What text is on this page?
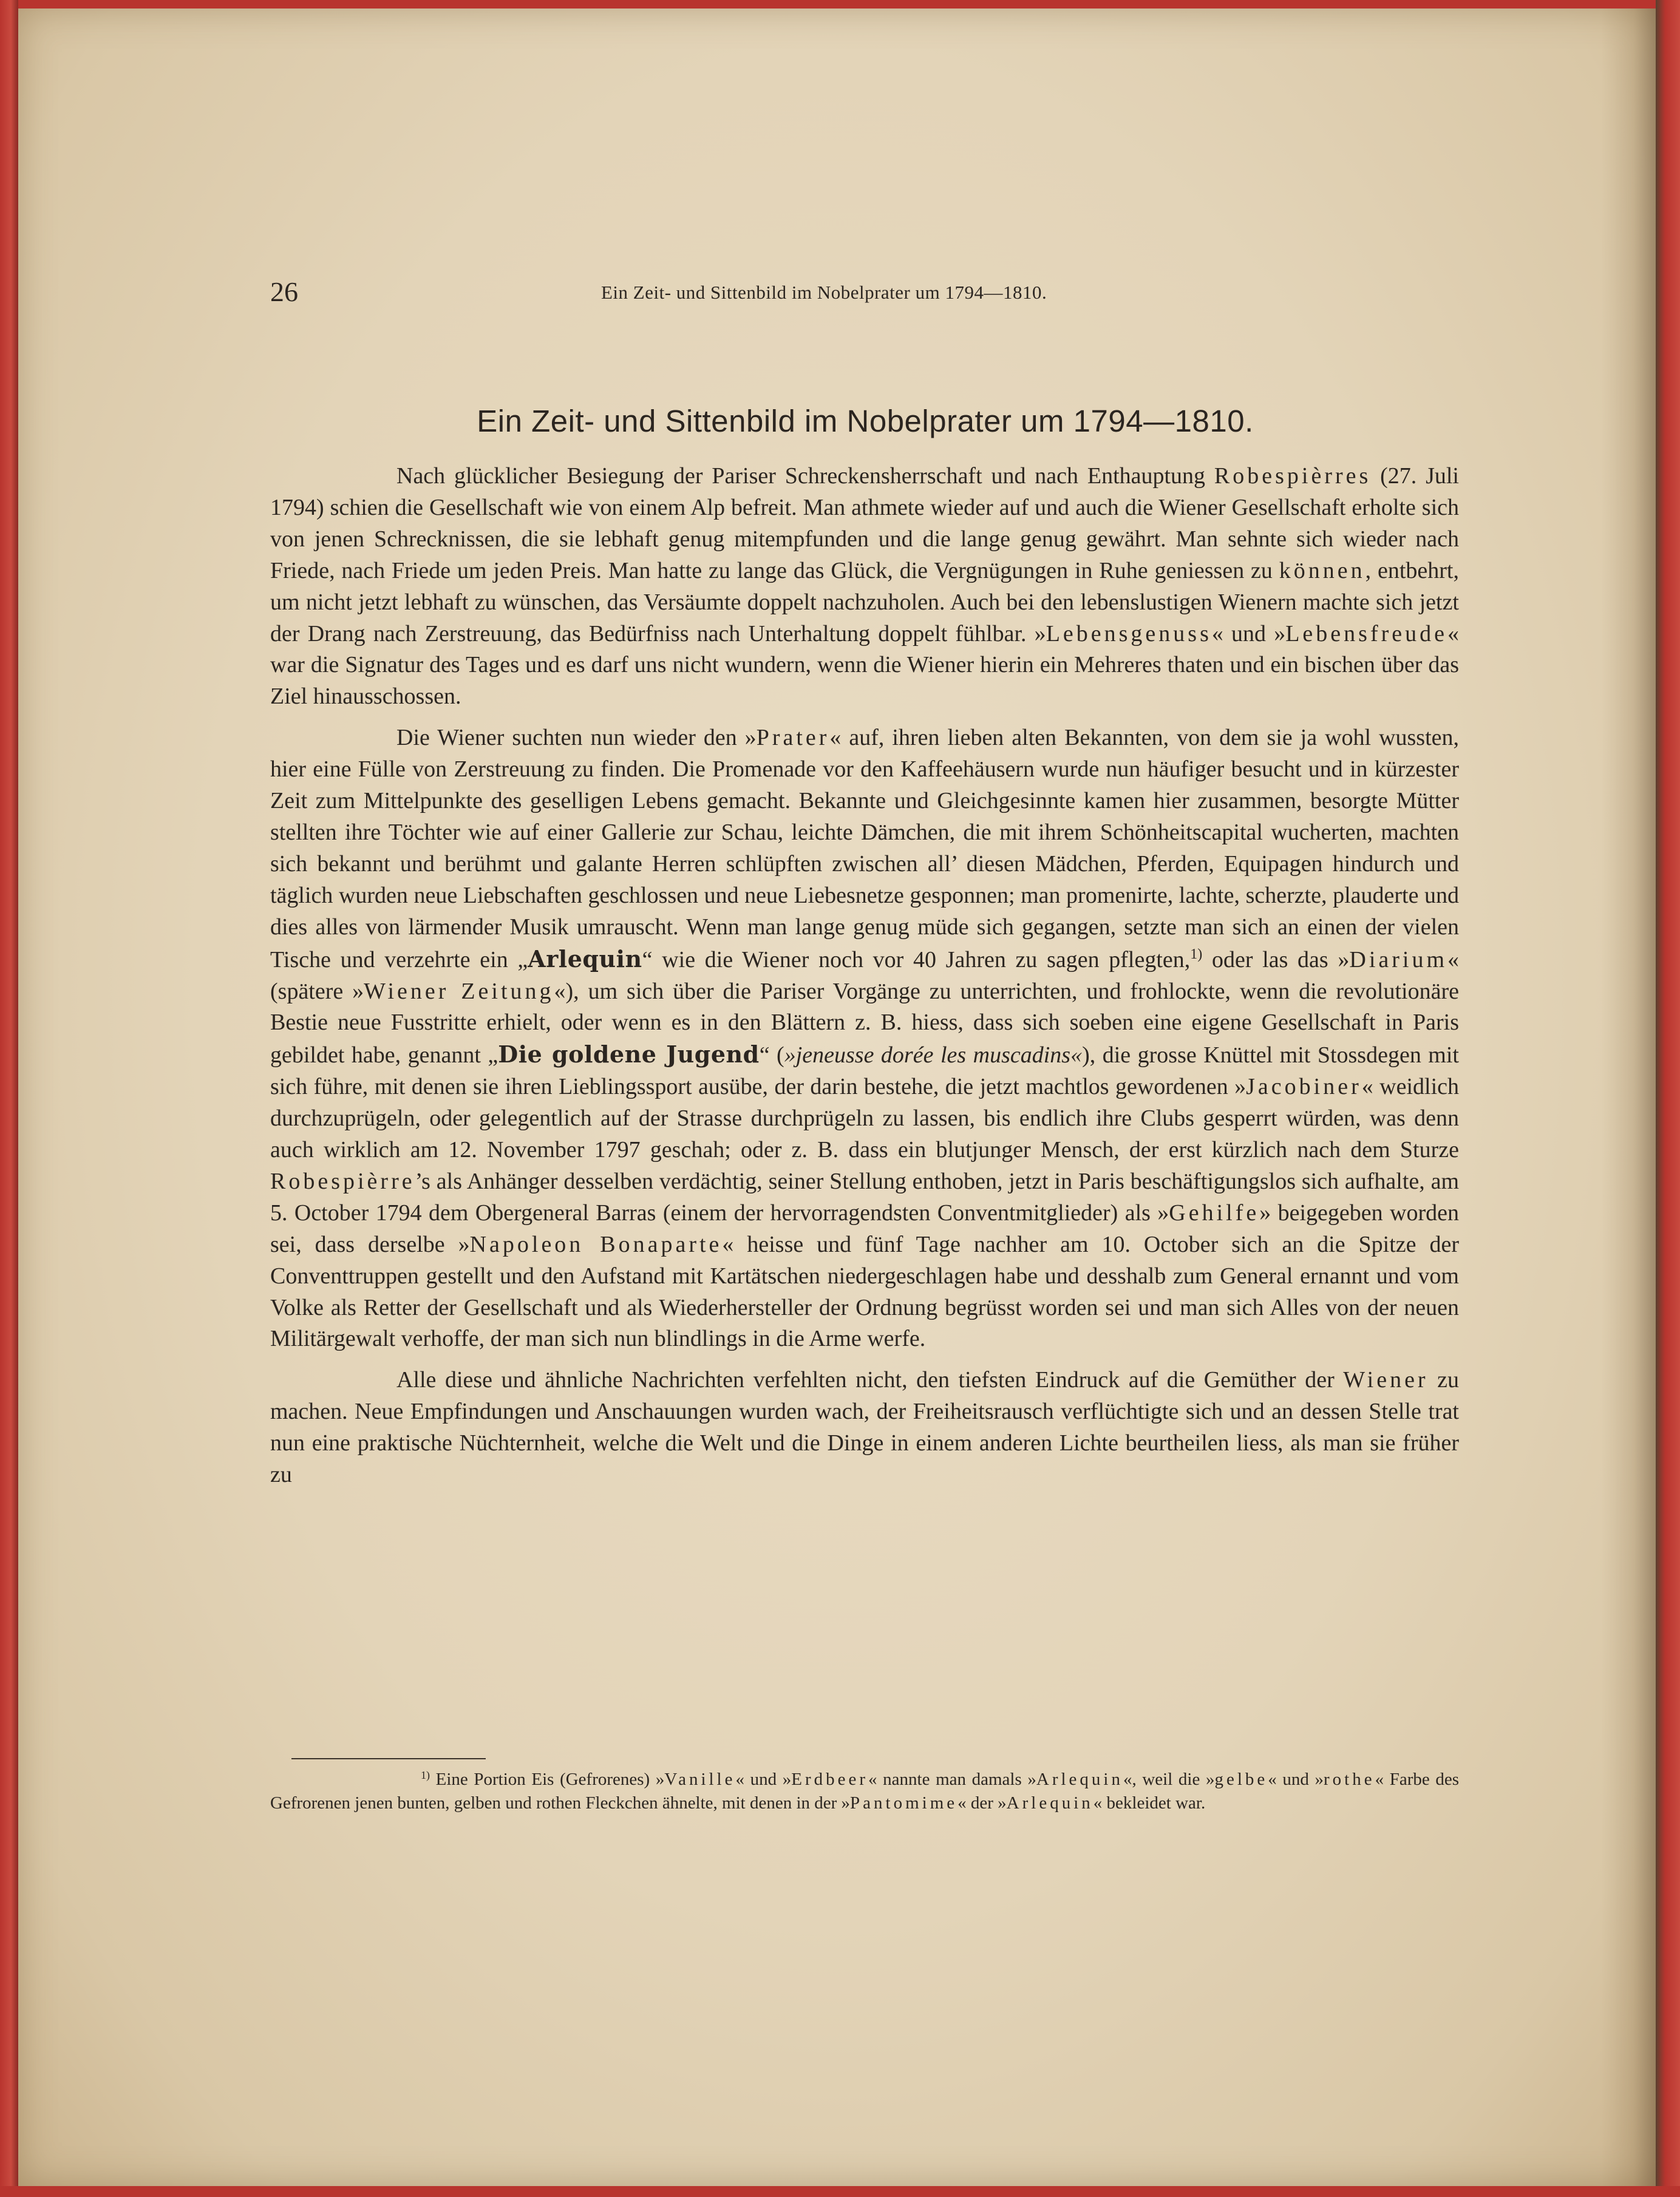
26	Ein Zeit- und Sittenbild im Nobelprater um 1794—1810.
Ein Zeit- und Sittenbild im Nobelprater um 1794—1810.

Nach glücklicher Besiegung der Pariser Schreckensherrschaft und nach Enthauptung Robespièrres (27. Juli 1794) schien die Gesellschaft wie von einem Alp befreit. Man athmete wieder auf und auch die Wiener Gesellschaft erholte sich von jenen Schrecknissen, die sie lebhaft genug mitempfunden und die lange genug gewährt. Man sehnte sich wieder nach Friede, nach Friede um jeden Preis. Man hatte zu lange das Glück, die Vergnügungen in Ruhe geniessen zu können, entbehrt, um nicht jetzt lebhaft zu wünschen, das Versäumte doppelt nachzuholen. Auch bei den lebenslustigen Wienern machte sich jetzt der Drang nach Zerstreuung, das Bedürfniss nach Unterhaltung doppelt fühlbar. »Lebensgenuss« und »Lebensfreude« war die Signatur des Tages und es darf uns nicht wundern, wenn die Wiener hierin ein Mehreres thaten und ein bischen über das Ziel hinausschossen.

Die Wiener suchten nun wieder den »Prater« auf, ihren lieben alten Bekannten, von dem sie ja wohl wussten, hier eine Fülle von Zerstreuung zu finden. Die Promenade vor den Kaffeehäusern wurde nun häufiger besucht und in kürzester Zeit zum Mittelpunkte des geselligen Lebens gemacht. Bekannte und Gleichgesinnte kamen hier zusammen, besorgte Mütter stellten ihre Töchter wie auf einer Gallerie zur Schau, leichte Dämchen, die mit ihrem Schönheitscapital wucherten, machten sich bekannt und berühmt und galante Herren schlüpften zwischen all’ diesen Mädchen, Pferden, Equipagen hindurch und täglich wurden neue Liebschaften geschlossen und neue Liebesnetze gesponnen; man promenirte, lachte, scherzte, plauderte und dies alles von lärmender Musik umrauscht. Wenn man lange genug müde sich gegangen, setzte man sich an einen der vielen Tische und verzehrte ein „Arlequin“ wie die Wiener noch vor 40 Jahren zu sagen pflegten,$^{1)}$ oder las das »Diarium« (spätere »Wiener Zeitung«), um sich über die Pariser Vorgänge zu unterrichten, und frohlockte, wenn die revolutionäre Bestie neue Fusstritte erhielt, oder wenn es in den Blättern z. B. hiess, dass sich soeben eine eigene Gesellschaft in Paris gebildet habe, genannt „Die goldene Jugend“ (»jeneusse dorée les muscadins«), die grosse Knüttel mit Stossdegen mit sich führe, mit denen sie ihren Lieblingssport ausübe, der darin bestehe, die jetzt machtlos gewordenen »Jacobiner« weidlich durchzuprügeln, oder gelegentlich auf der Strasse durchprügeln zu lassen, bis endlich ihre Clubs gesperrt würden, was denn auch wirklich am 12. November 1797 geschah; oder z. B. dass ein blutjunger Mensch, der erst kürzlich nach dem Sturze Robespièrre’s als Anhänger desselben verdächtig, seiner Stellung enthoben, jetzt in Paris beschäftigungslos sich aufhalte, am 5. October 1794 dem Obergeneral Barras (einem der hervorragendsten Conventmitglieder) als »Gehilfe» beigegeben worden sei, dass derselbe »Napoleon Bonaparte« heisse und fünf Tage nachher am 10. October sich an die Spitze der Conventtruppen gestellt und den Aufstand mit Kartätschen niedergeschlagen habe und desshalb zum General ernannt und vom Volke als Retter der Gesellschaft und als Wiederhersteller der Ordnung begrüsst worden sei und man sich Alles von der neuen Militärgewalt verhoffe, der man sich nun blindlings in die Arme werfe.

Alle diese und ähnliche Nachrichten verfehlten nicht, den tiefsten Eindruck auf die Gemüther der Wiener zu machen. Neue Empfindungen und Anschauungen wurden wach, der Freiheitsrausch verflüchtigte sich und an dessen Stelle trat nun eine praktische Nüchternheit, welche die Welt und die Dinge in einem anderen Lichte beurtheilen liess, als man sie früher zu

$^{1)}$ Eine Portion Eis (Gefrorenes) »Vanille« und »Erdbeer« nannte man damals »Arlequin«, weil die »gelbe« und »rothe« Farbe des Gefrorenen jenen bunten, gelben und rothen Fleckchen ähnelte, mit denen in der »Pantomime« der »Arlequin« bekleidet war.
